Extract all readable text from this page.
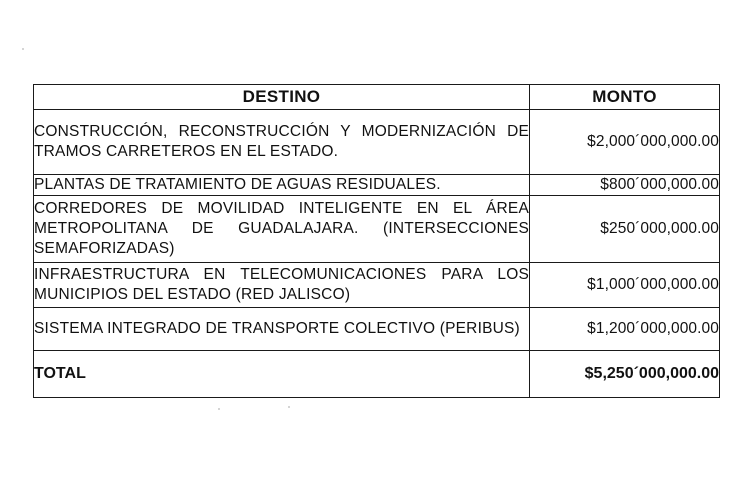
DESTINO	MONTO
CONSTRUCCIÓN, RECONSTRUCCIÓN Y MODERNIZACIÓN DE TRAMOS CARRETEROS EN EL ESTADO.	$2,000´000,000.00
PLANTAS DE TRATAMIENTO DE AGUAS RESIDUALES.	$800´000,000.00
CORREDORES DE MOVILIDAD INTELIGENTE EN EL ÁREA METROPOLITANA DE GUADALAJARA. (INTERSECCIONES SEMAFORIZADAS)	$250´000,000.00
INFRAESTRUCTURA EN TELECOMUNICACIONES PARA LOS MUNICIPIOS DEL ESTADO (RED JALISCO)	$1,000´000,000.00
SISTEMA INTEGRADO DE TRANSPORTE COLECTIVO (PERIBUS)	$1,200´000,000.00
TOTAL	$5,250´000,000.00
